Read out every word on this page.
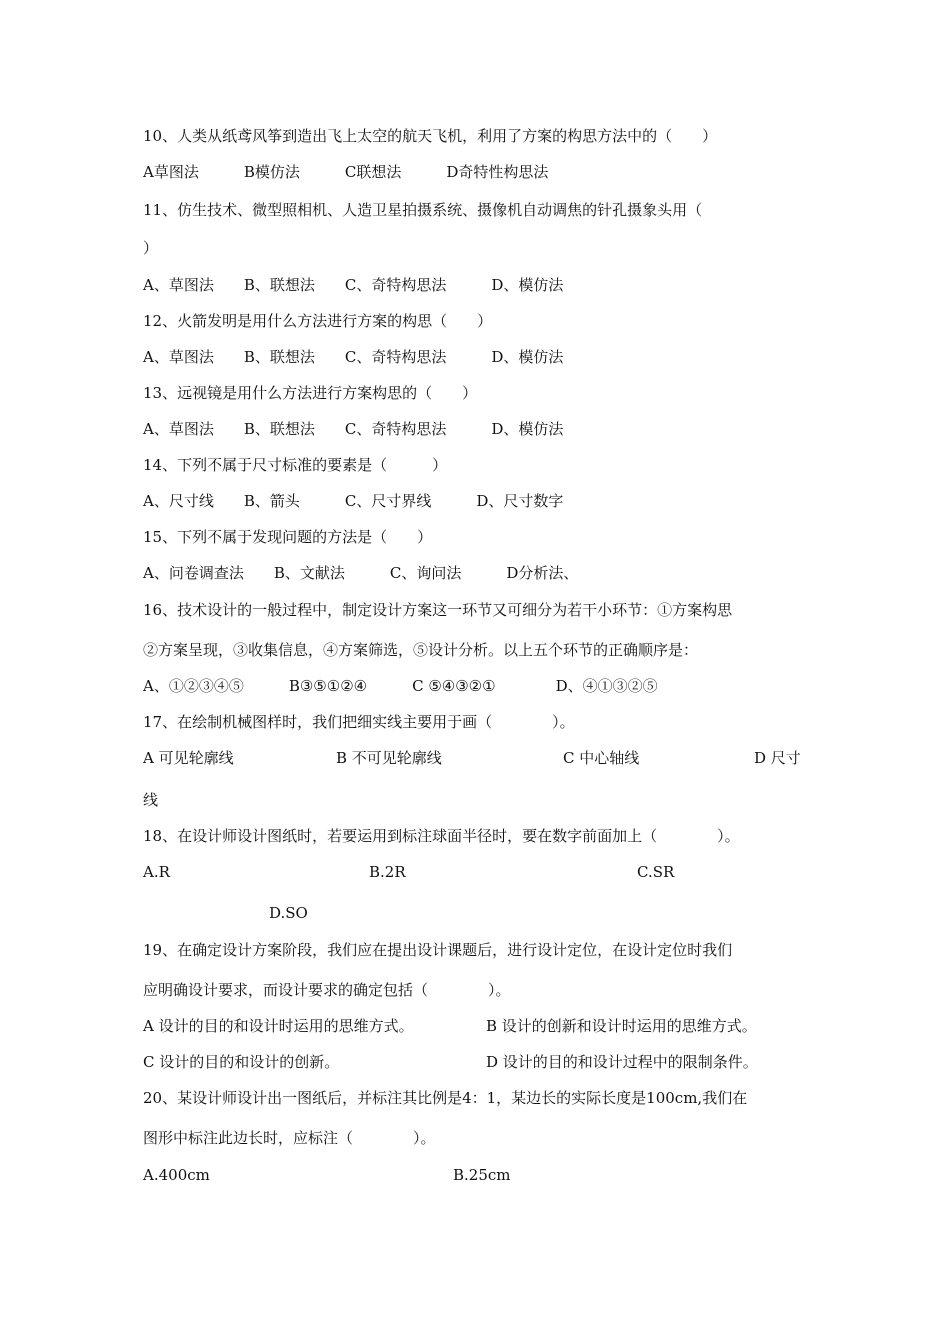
10、人类从纸鸢风筝到造出飞上太空的航天飞机，利用了方案的构思方法中的（　　）
A草图法　　　B模仿法　　　C联想法　　　D奇特性构思法
11、仿生技术、微型照相机、人造卫星拍摄系统、摄像机自动调焦的针孔摄象头用（
）
A、草图法　　B、联想法　　C、奇特构思法　　　D、模仿法
12、火箭发明是用什么方法进行方案的构思（　　）
A、草图法　　B、联想法　　C、奇特构思法　　　D、模仿法
13、远视镜是用什么方法进行方案构思的（　　）
A、草图法　　B、联想法　　C、奇特构思法　　　D、模仿法
14、下列不属于尺寸标准的要素是（　　　）
A、尺寸线　　B、箭头　　　C、尺寸界线　　　D、尺寸数字
15、下列不属于发现问题的方法是（　　）
A、问卷调查法　　B、文献法　　　C、询问法　　　D分析法、
16、技术设计的一般过程中，制定设计方案这一环节又可细分为若干小环节：①方案构思
②方案呈现，③收集信息，④方案筛选，⑤设计分析。以上五个环节的正确顺序是：
A、①②③④⑤　　　B③⑤①②④　　　C ⑤④③②①　　　　D、④①③②⑤
17、在绘制机械图样时，我们把细实线主要用于画（　　　　）。
A 可见轮廓线	B 不可见轮廓线	C 中心轴线	D 尺寸
线
18、在设计师设计图纸时，若要运用到标注球面半径时，要在数字前面加上（　　　　）。
A.R	B.2R	C.SR
D.SO
19、在确定设计方案阶段，我们应在提出设计课题后，进行设计定位，在设计定位时我们
应明确设计要求，而设计要求的确定包括（　　　　）。
A 设计的目的和设计时运用的思维方式。	B 设计的创新和设计时运用的思维方式。
C 设计的目的和设计的创新。	D 设计的目的和设计过程中的限制条件。
20、某设计师设计出一图纸后，并标注其比例是4：1，某边长的实际长度是100cm,我们在
图形中标注此边长时，应标注（　　　　）。
A.400cm	B.25cm
